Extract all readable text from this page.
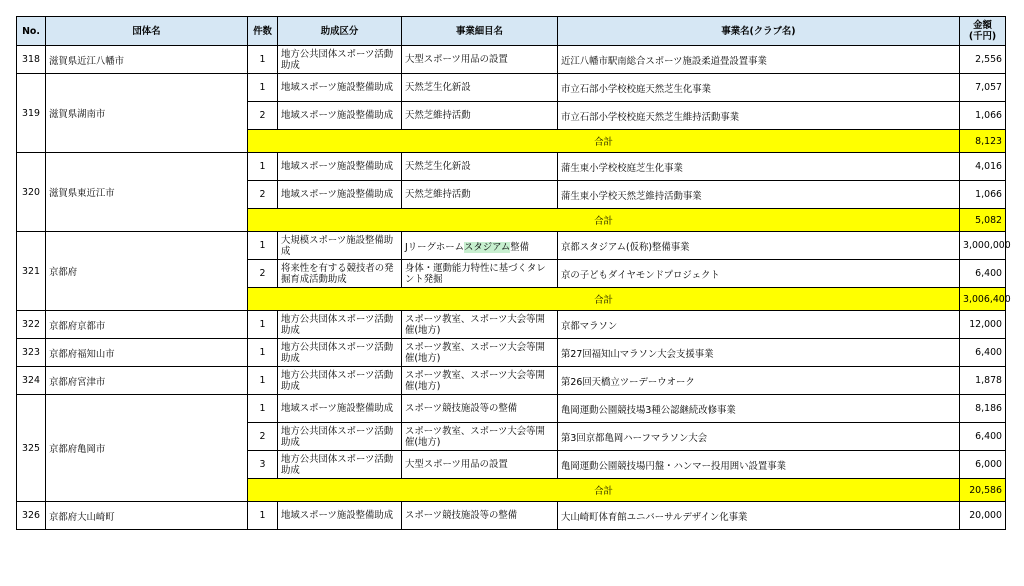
No.	団体名	件数	助成区分	事業細目名	事業名(クラブ名)	金額
(千円)
318	滋賀県近江八幡市	1	地方公共団体スポーツ活動助成	大型スポーツ用品の設置	近江八幡市駅南総合スポーツ施設柔道畳設置事業	2,556
319	滋賀県湖南市	1	地域スポーツ施設整備助成	天然芝生化新設	市立石部小学校校庭天然芝生化事業	7,057
		2	地域スポーツ施設整備助成	天然芝維持活動	市立石部小学校校庭天然芝生維持活動事業	1,066
		合計				8,123
320	滋賀県東近江市	1	地域スポーツ施設整備助成	天然芝生化新設	蒲生東小学校校庭芝生化事業	4,016
		2	地域スポーツ施設整備助成	天然芝維持活動	蒲生東小学校天然芝維持活動事業	1,066
		合計				5,082
321	京都府	1	大規模スポーツ施設整備助成	Jリーグホームスタジアム整備	京都スタジアム(仮称)整備事業	3,000,000
		2	将来性を有する競技者の発掘育成活動助成	身体・運動能力特性に基づくタレント発掘	京の子どもダイヤモンドプロジェクト	6,400
		合計				3,006,400
322	京都府京都市	1	地方公共団体スポーツ活動助成	スポーツ教室、スポーツ大会等開催(地方)	京都マラソン	12,000
323	京都府福知山市	1	地方公共団体スポーツ活動助成	スポーツ教室、スポーツ大会等開催(地方)	第27回福知山マラソン大会支援事業	6,400
324	京都府宮津市	1	地方公共団体スポーツ活動助成	スポーツ教室、スポーツ大会等開催(地方)	第26回天橋立ツーデーウオーク	1,878
325	京都府亀岡市	1	地域スポーツ施設整備助成	スポーツ競技施設等の整備	亀岡運動公園競技場3種公認継続改修事業	8,186
		2	地方公共団体スポーツ活動助成	スポーツ教室、スポーツ大会等開催(地方)	第3回京都亀岡ハーフマラソン大会	6,400
		3	地方公共団体スポーツ活動助成	大型スポーツ用品の設置	亀岡運動公園競技場円盤・ハンマー投用囲い設置事業	6,000
		合計				20,586
326	京都府大山崎町	1	地域スポーツ施設整備助成	スポーツ競技施設等の整備	大山崎町体育館ユニバーサルデザイン化事業	20,000
